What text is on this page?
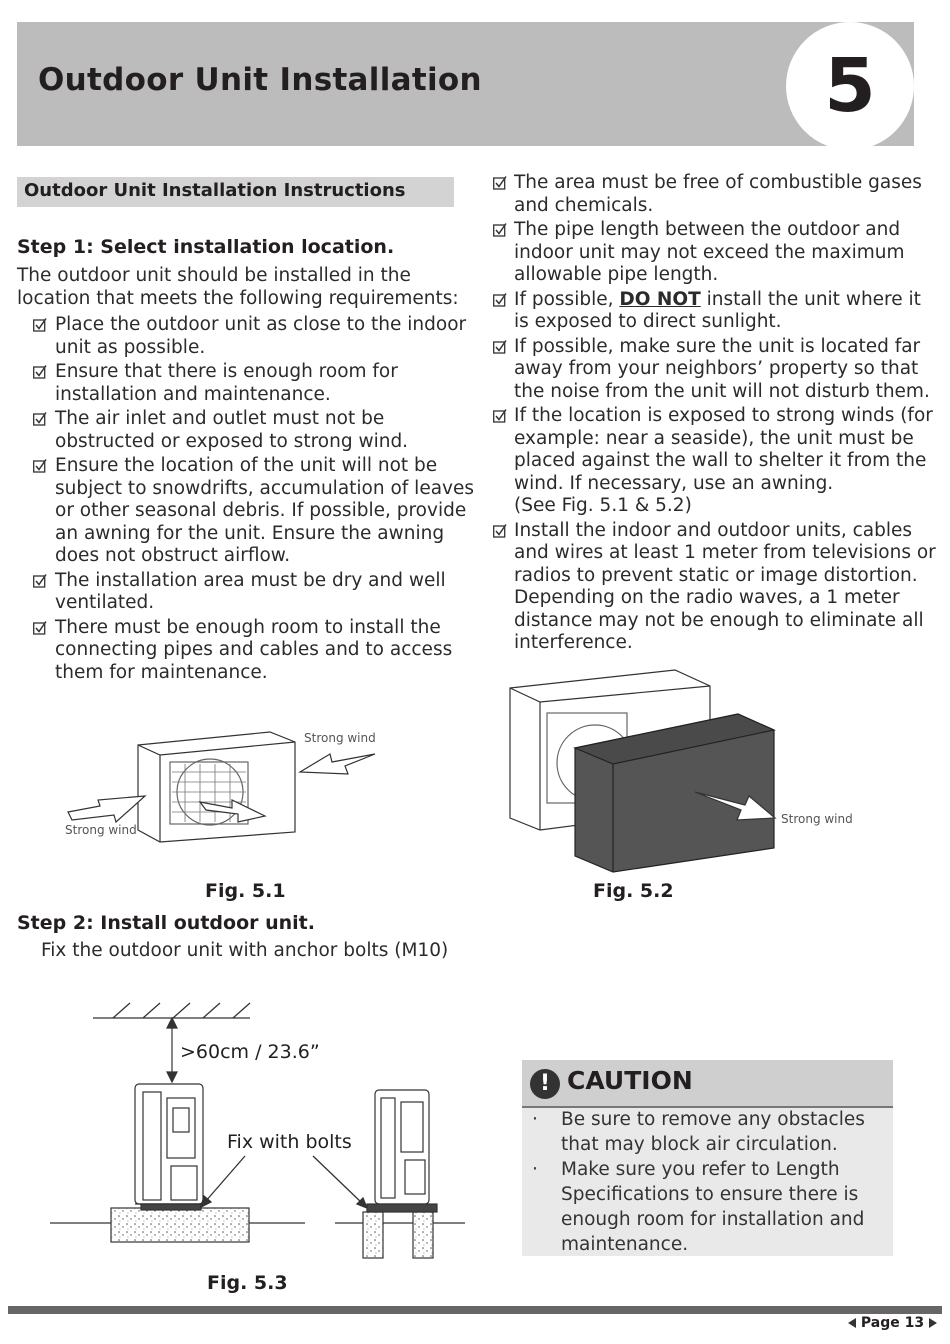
Outdoor Unit Installation	5
Outdoor Unit Installation Instructions
Step 1: Select installation location.
The outdoor unit should be installed in the
location that meets the following requirements:
Place the outdoor unit as close to the indoor unit as possible.
Ensure that there is enough room for installation and maintenance.
The air inlet and outlet must not be obstructed or exposed to strong wind.
Ensure the location of the unit will not be subject to snowdrifts, accumulation of leaves or other seasonal debris. If possible, provide an awning for the unit. Ensure the awning does not obstruct airflow.
The installation area must be dry and well ventilated.
There must be enough room to install the connecting pipes and cables and to access them for maintenance.
The area must be free of combustible gases and chemicals.
The pipe length between the outdoor and indoor unit may not exceed the maximum allowable pipe length.
If possible, DO NOT install the unit where it is exposed to direct sunlight.
If possible, make sure the unit is located far away from your neighbors’ property so that the noise from the unit will not disturb them.
If the location is exposed to strong winds (for example: near a seaside), the unit must be placed against the wall to shelter it from the wind. If necessary, use an awning.
(See Fig. 5.1 & 5.2)
Install the indoor and outdoor units, cables and wires at least 1 meter from televisions or radios to prevent static or image distortion. Depending on the radio waves, a 1 meter distance may not be enough to eliminate all interference.
Strong wind
Strong wind
Fig. 5.1
Strong wind
Fig. 5.2
Step 2: Install outdoor unit.
Fix the outdoor unit with anchor bolts (M10)
>60cm / 23.6”
Fix with bolts
Fig. 5.3
! CAUTION
· Be sure to remove any obstacles that may block air circulation.
· Make sure you refer to Length Specifications to ensure there is enough room for installation and maintenance.
Page 13
